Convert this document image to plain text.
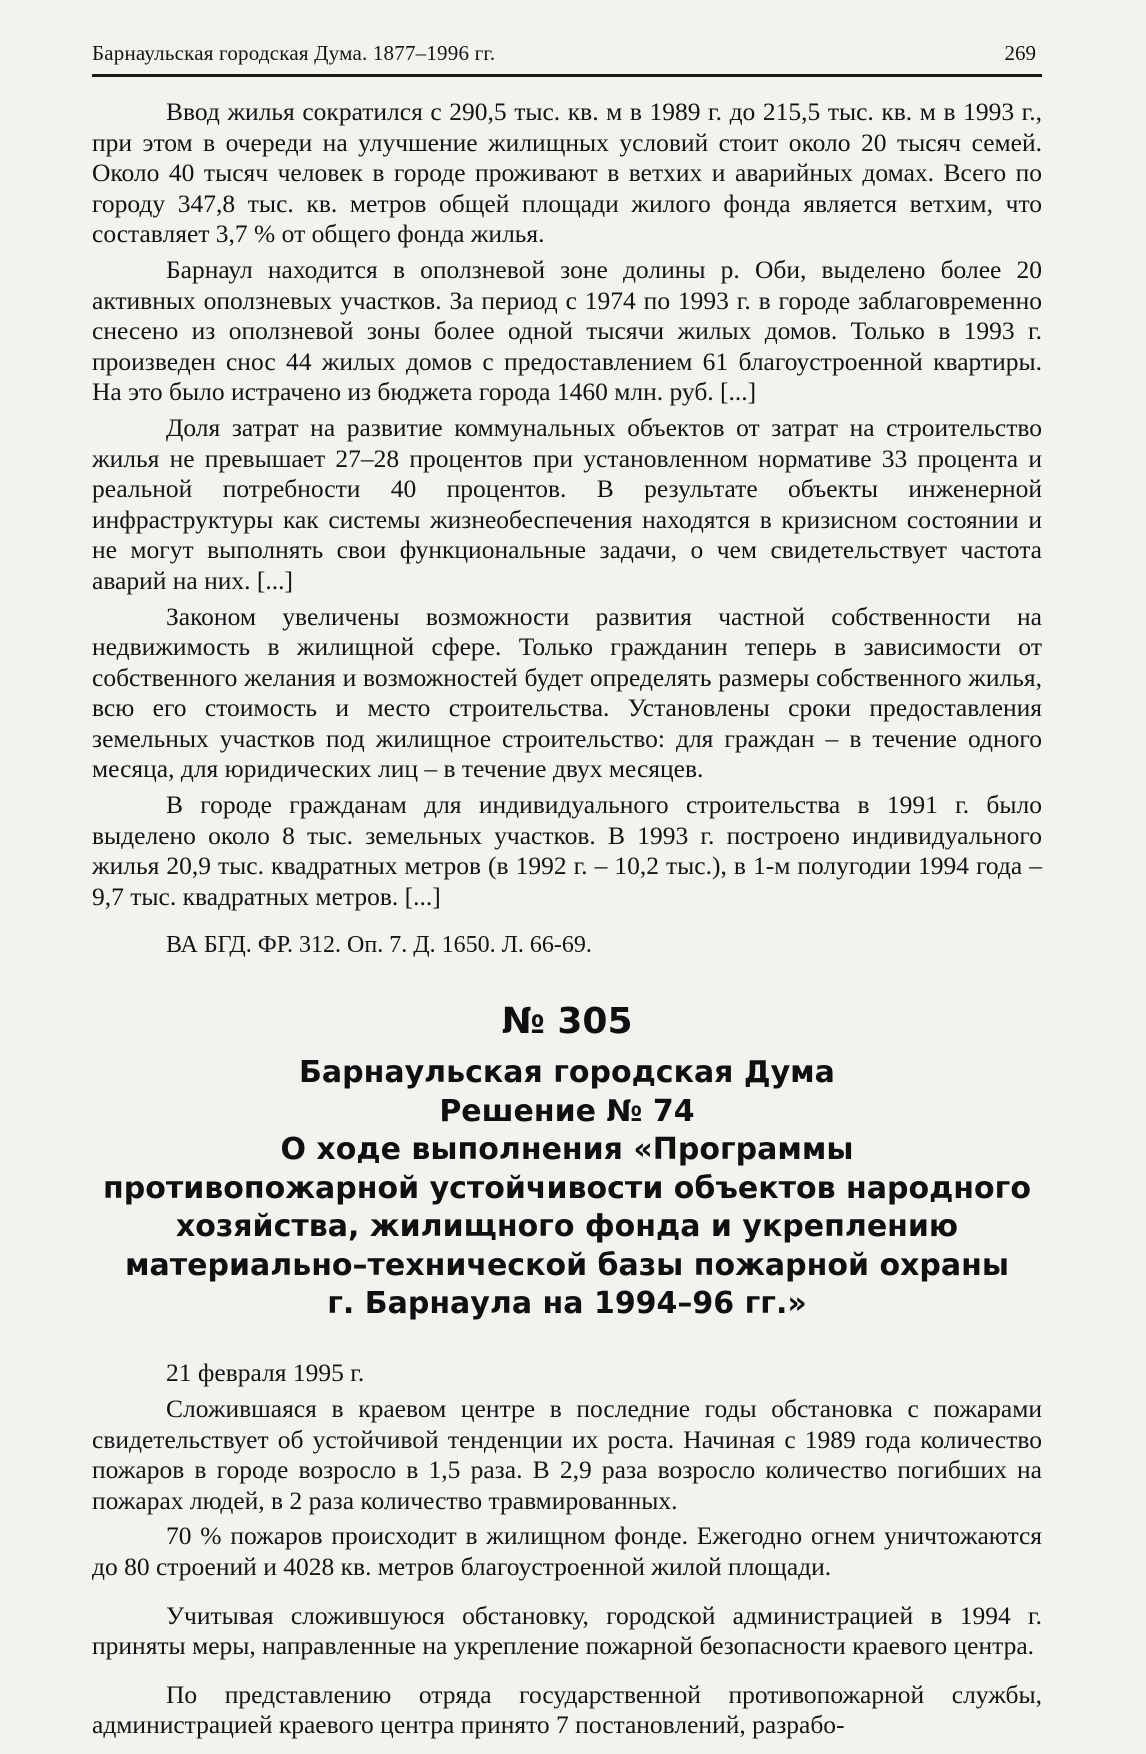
Барнаульская городская Дума. 1877–1996 гг.	269

Ввод жилья сократился с 290,5 тыс. кв. м в 1989 г. до 215,5 тыс. кв. м в 1993 г., при этом в очереди на улучшение жилищных условий стоит около 20 тысяч семей. Около 40 тысяч человек в городе проживают в ветхих и аварийных домах. Всего по городу 347,8 тыс. кв. метров общей площади жилого фонда является ветхим, что составляет 3,7 % от общего фонда жилья.

Барнаул находится в оползневой зоне долины р. Оби, выделено более 20 активных оползневых участков. За период с 1974 по 1993 г. в городе заблаговременно снесено из оползневой зоны более одной тысячи жилых домов. Только в 1993 г. произведен снос 44 жилых домов с предоставлением 61 благоустроенной квартиры. На это было истрачено из бюджета города 1460 млн. руб. [...]

Доля затрат на развитие коммунальных объектов от затрат на строительство жилья не превышает 27–28 процентов при установленном нормативе 33 процента и реальной потребности 40 процентов. В результате объекты инженерной инфраструктуры как системы жизнеобеспечения находятся в кризисном состоянии и не могут выполнять свои функциональные задачи, о чем свидетельствует частота аварий на них. [...]

Законом увеличены возможности развития частной собственности на недвижимость в жилищной сфере. Только гражданин теперь в зависимости от собственного желания и возможностей будет определять размеры собственного жилья, всю его стоимость и место строительства. Установлены сроки предоставления земельных участков под жилищное строительство: для граждан – в течение одного месяца, для юридических лиц – в течение двух месяцев.

В городе гражданам для индивидуального строительства в 1991 г. было выделено около 8 тыс. земельных участков. В 1993 г. построено индивидуального жилья 20,9 тыс. квадратных метров (в 1992 г. – 10,2 тыс.), в 1-м полугодии 1994 года – 9,7 тыс. квадратных метров. [...]

ВА БГД. ФР. 312. Оп. 7. Д. 1650. Л. 66-69.

№ 305

Барнаульская городская Дума

Решение № 74

О ходе выполнения «Программы

противопожарной устойчивости объектов народного

хозяйства, жилищного фонда и укреплению

материально–технической базы пожарной охраны

г. Барнаула на 1994–96 гг.»

21 февраля 1995 г.

Сложившаяся в краевом центре в последние годы обстановка с пожарами свидетельствует об устойчивой тенденции их роста. Начиная с 1989 года количество пожаров в городе возросло в 1,5 раза. В 2,9 раза возросло количество погибших на пожарах людей, в 2 раза количество травмированных.

70 % пожаров происходит в жилищном фонде. Ежегодно огнем уничтожаются до 80 строений и 4028 кв. метров благоустроенной жилой площади.

Учитывая сложившуюся обстановку, городской администрацией в 1994 г. приняты меры, направленные на укрепление пожарной безопасности краевого центра.

По представлению отряда государственной противопожарной службы, администрацией краевого центра принято 7 постановлений, разрабо-
